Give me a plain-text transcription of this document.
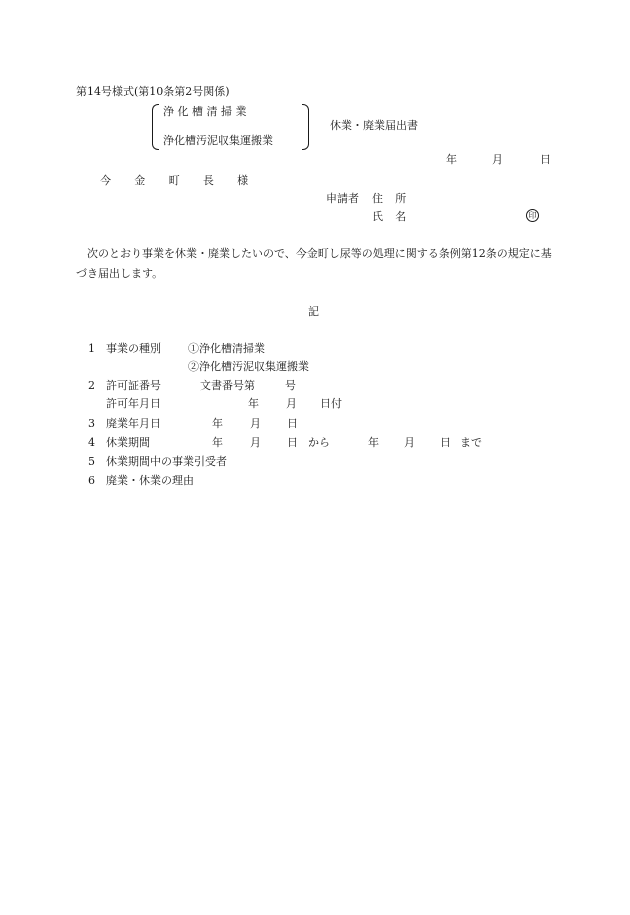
第14号様式(第10条第2号関係)
浄 化 槽 清 掃 業
浄化槽汚泥収集運搬業
休業・廃業届出書
年	月	日
今 金 町 長 様
申請者 住 所
氏 名	印
次のとおり事業を休業・廃業したいので、今金町し尿等の処理に関する条例第12条の規定に基づき届出します。
記
1 事業の種別 ①浄化槽清掃業
②浄化槽汚泥収集運搬業
2 許可証番号	文書番号第	号
許可年月日	年 月 日付
3 廃業年月日	年 月 日
4 休業期間	年 月 日 から	年 月 日 まで
5 休業期間中の事業引受者
6 廃業・休業の理由
